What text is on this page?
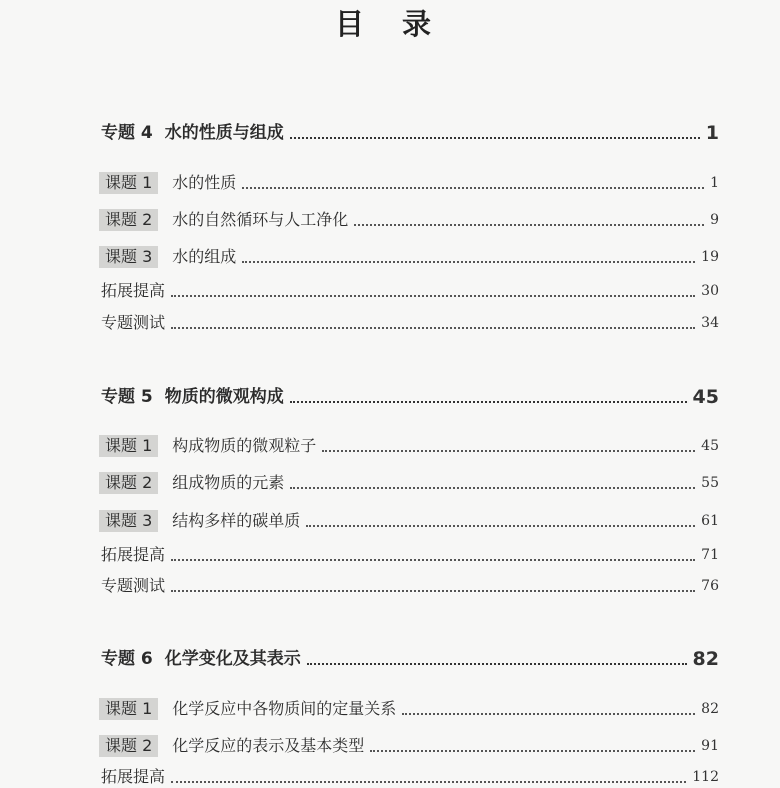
目 录
专题 4 水的性质与组成	1
课题 1	水的性质	1
课题 2	水的自然循环与人工净化	9
课题 3	水的组成	19
拓展提高	30
专题测试	34
专题 5 物质的微观构成	45
课题 1	构成物质的微观粒子	45
课题 2	组成物质的元素	55
课题 3	结构多样的碳单质	61
拓展提高	71
专题测试	76
专题 6 化学变化及其表示	82
课题 1	化学反应中各物质间的定量关系	82
课题 2	化学反应的表示及基本类型	91
拓展提高	112
